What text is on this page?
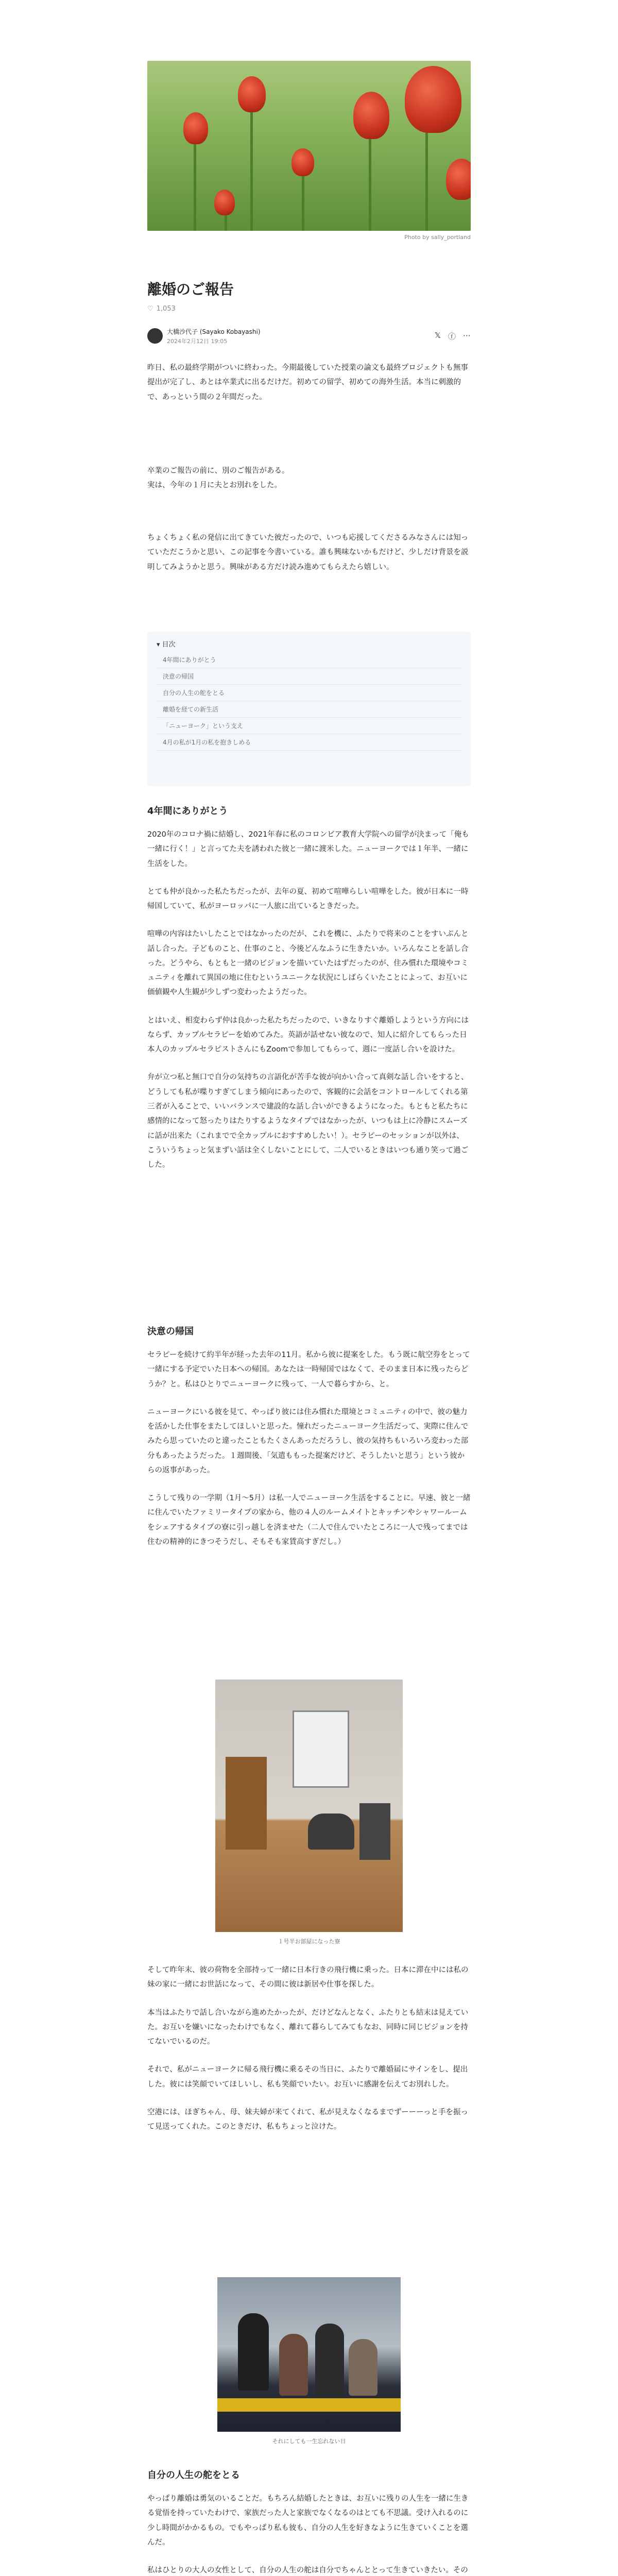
Photo by sally_portland
離婚のご報告
♡ 1,053
大橋沙代子 (Sayako Kobayashi)
2024年2月12日 19:05
𝕏 ⓕ ⋯

昨日、私の最終学期がついに終わった。今期最後していた授業の論文も最終プロジェクトも無事提出が完了し、あとは卒業式に出るだけだ。初めての留学、初めての海外生活。本当に刺激的で、あっという間の２年間だった。

卒業のご報告の前に、別のご報告がある。
実は、今年の１月に夫とお別れをした。

ちょくちょく私の発信に出てきていた彼だったので、いつも応援してくださるみなさんには知っていただこうかと思い、この記事を今書いている。誰も興味ないかもだけど、少しだけ背景を説明してみようかと思う。興味がある方だけ読み進めてもらえたら嬉しい。

▾ 目次
4年間にありがとう
決意の帰国
自分の人生の舵をとる
離婚を経ての新生活
「ニューヨーク」という支え
4月の私が1月の私を抱きしめる
4年間にありがとう

2020年のコロナ禍に結婚し、2021年春に私のコロンビア教育大学院への留学が決まって「俺も一緒に行く！」と言ってた夫を誘われた彼と一緒に渡米した。ニューヨークでは１年半、一緒に生活をした。

とても仲が良かった私たちだったが、去年の夏、初めて喧嘩らしい喧嘩をした。彼が日本に一時帰国していて、私がヨーロッパに一人旅に出ているときだった。

喧嘩の内容はたいしたことではなかったのだが、これを機に、ふたりで将来のことをすいぶんと話し合った。子どものこと、仕事のこと、今後どんなふうに生きたいか。いろんなことを話し合った。どうやら、もともと一緒のビジョンを描いていたはずだったのが、住み慣れた環境やコミュニティを離れて異国の地に住むというユニークな状況にしばらくいたことによって、お互いに価値観や人生観が少しずつ変わったようだった。

とはいえ、相変わらず仲は良かった私たちだったので、いきなりすぐ離婚しようという方向にはならず、カップルセラピーを始めてみた。英語が話せない彼なので、知人に紹介してもらった日本人のカップルセラピストさんにもZoomで参加してもらって、週に一度話し合いを設けた。

弁が立つ私と無口で自分の気持ちの言語化が苦手な彼が向かい合って真剣な話し合いをすると、どうしても私が喋りすぎてしまう傾向にあったので、客観的に会話をコントロールしてくれる第三者が入ることで、いいバランスで建設的な話し合いができるようになった。もともと私たちに感情的になって怒ったりはたりするようなタイプではなかったが、いつもは上に冷静にスムーズに話が出来た（これまでで全カップルにおすすめしたい！）。セラピーのセッションが以外は、こういうちょっと気まずい話は全くしないことにして、二人でいるときはいつも通り笑って過ごした。

決意の帰国

セラピーを続けて約半年が経った去年の11月。私から彼に提案をした。もう既に航空券をとって一緒にする予定でいた日本への帰国。あなたは一時帰国ではなくて、そのまま日本に残ったらどうか？と。私はひとりでニューヨークに残って、一人で暮らすから、と。

ニューヨークにいる彼を見て、やっぱり彼には住み慣れた環境とコミュニティの中で、彼の魅力を活かした仕事をまたしてほしいと思った。憧れだったニューヨーク生活だって、実際に住んでみたら思っていたのと違ったこともたくさんあっただろうし、彼の気持ちもいろいろ変わった部分もあったようだった。１週間後、「気遣ももった提案だけど、そうしたいと思う」という彼からの返事があった。

こうして残りの一学期（1月〜5月）は私一人でニューヨーク生活をすることに。早速、彼と一緒に住んでいたファミリータイプの家から、他の４人のルームメイトとキッチンやシャワールームをシェアするタイプの寮に引っ越しを済ませた（二人で住んでいたところに一人で残ってまでは住むの精神的にきつそうだし、そもそも家賃高すぎだし。）

１号半お部屋になった寮

そして昨年末、彼の荷物を全部持って一緒に日本行きの飛行機に乗った。日本に滞在中には私の妹の家に一緒にお世話になって、その間に彼は新居や仕事を探した。

本当はふたりで話し合いながら進めたかったが、だけどなんとなく、ふたりとも結末は見えていた。お互いを嫌いになったわけでもなく、離れて暮らしてみてもなお、同時に同じビジョンを持てないでいるのだ。

それで、私がニューヨークに帰る飛行機に乗るその当日に、ふたりで離婚届にサインをし、提出した。彼には笑顔でいてほしいし、私も笑顔でいたい。お互いに感謝を伝えてお別れした。

空港には、ほぎちゃん、母、妹夫婦が来てくれて、私が見えなくなるまでずーーーっと手を振って見送ってくれた。このときだけ、私もちょっと泣けた。

それにしても一生忘れない日
自分の人生の舵をとる

やっぱり離婚は勇気のいることだ。もちろん結婚したときは、お互いに残りの人生を一緒に生きる覚悟を持っていたわけで、家族だった人と家族でなくなるのはとても不思議。受け入れるのに少し時間がかかるもの。でもやっぱり私も彼も、自分の人生を好きなように生きていくことを選んだ。

私はひとりの大人の女性として、自分の人生の舵は自分でちゃんととって生きていきたい。その
